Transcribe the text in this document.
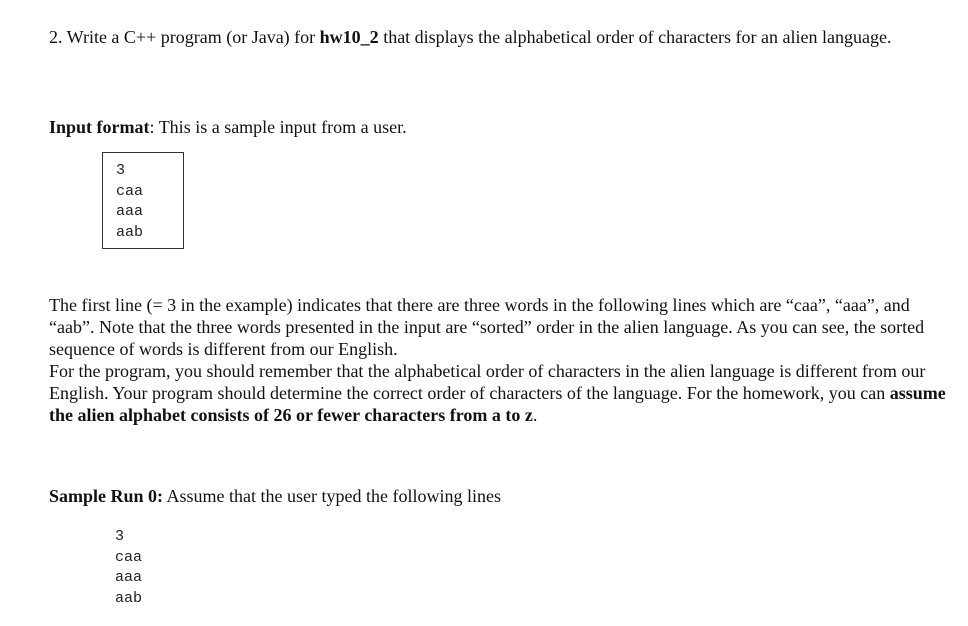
2. Write a C++ program (or Java) for hw10_2 that displays the alphabetical order of characters for an alien language.

Input format: This is a sample input from a user.

3
caa
aaa
aab
The first line (= 3 in the example) indicates that there are three words in the following lines which are “caa”, “aaa”, and “aab”. Note that the three words presented in the input are “sorted” order in the alien language. As you can see, the sorted sequence of words is different from our English.
For the program, you should remember that the alphabetical order of characters in the alien language is different from our English. Your program should determine the correct order of characters of the language. For the homework, you can assume the alien alphabet consists of 26 or fewer characters from a to z.

Sample Run 0: Assume that the user typed the following lines

3
caa
aaa
aab
